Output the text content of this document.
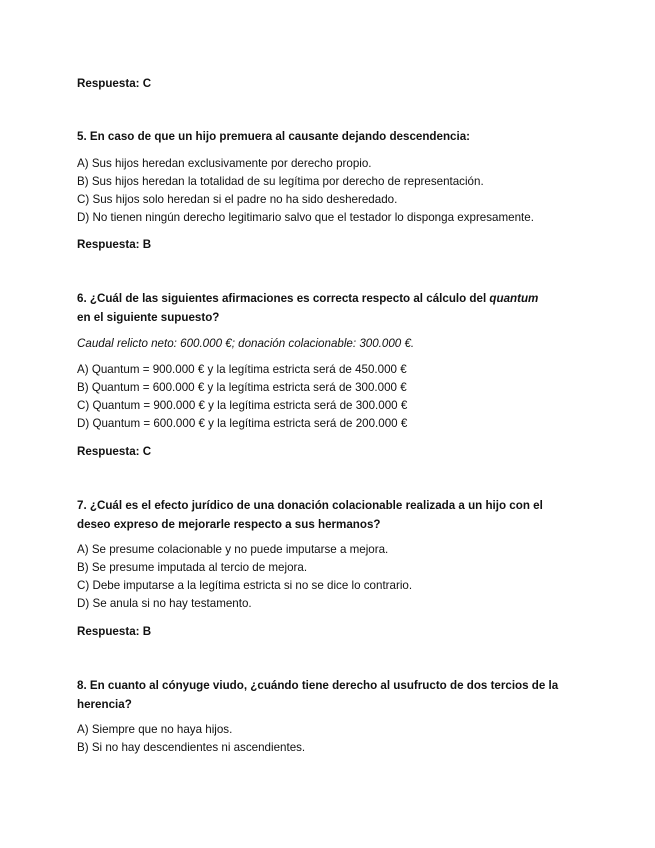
Respuesta: C
5. En caso de que un hijo premuera al causante dejando descendencia:
A) Sus hijos heredan exclusivamente por derecho propio.
B) Sus hijos heredan la totalidad de su legítima por derecho de representación.
C) Sus hijos solo heredan si el padre no ha sido desheredado.
D) No tienen ningún derecho legitimario salvo que el testador lo disponga expresamente.
Respuesta: B
6. ¿Cuál de las siguientes afirmaciones es correcta respecto al cálculo del quantum
en el siguiente supuesto?
Caudal relicto neto: 600.000 €; donación colacionable: 300.000 €.
A) Quantum = 900.000 € y la legítima estricta será de 450.000 €
B) Quantum = 600.000 € y la legítima estricta será de 300.000 €
C) Quantum = 900.000 € y la legítima estricta será de 300.000 €
D) Quantum = 600.000 € y la legítima estricta será de 200.000 €
Respuesta: C
7. ¿Cuál es el efecto jurídico de una donación colacionable realizada a un hijo con el
deseo expreso de mejorarle respecto a sus hermanos?
A) Se presume colacionable y no puede imputarse a mejora.
B) Se presume imputada al tercio de mejora.
C) Debe imputarse a la legítima estricta si no se dice lo contrario.
D) Se anula si no hay testamento.
Respuesta: B
8. En cuanto al cónyuge viudo, ¿cuándo tiene derecho al usufructo de dos tercios de la
herencia?
A) Siempre que no haya hijos.
B) Si no hay descendientes ni ascendientes.
